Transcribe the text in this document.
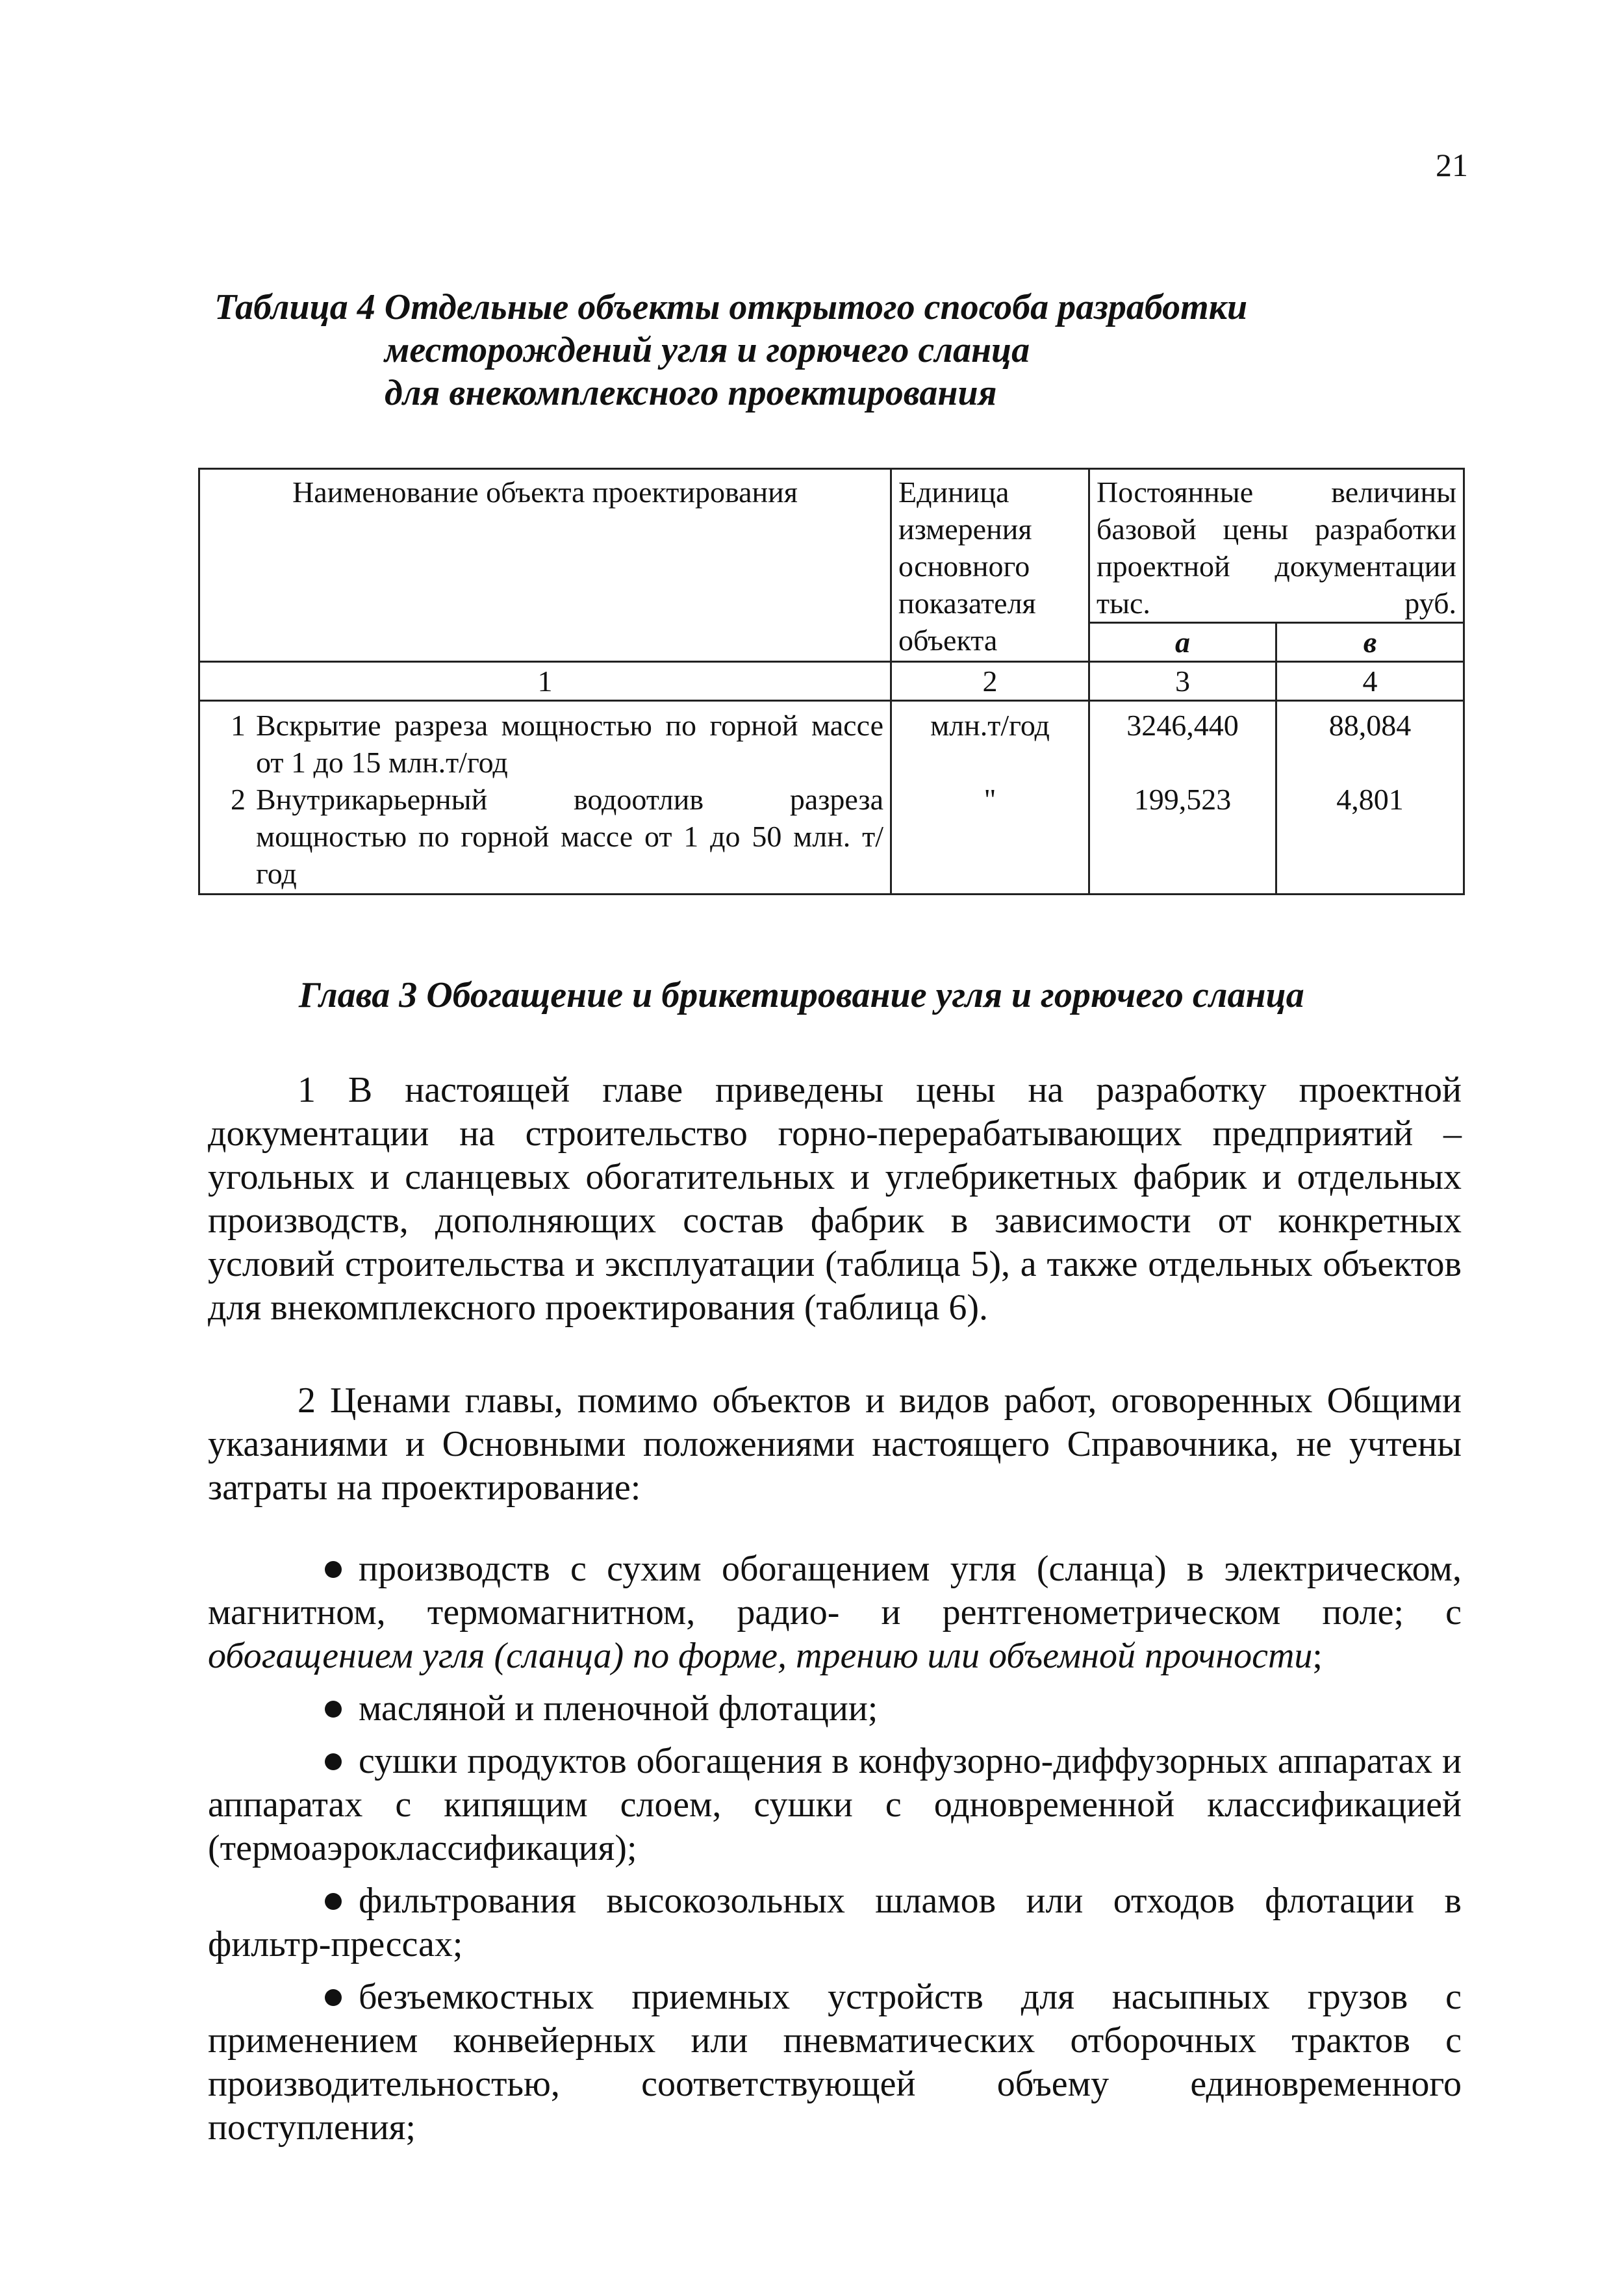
21
Таблица 4 Отдельные объекты открытого способа разработки
месторождений угля и горючего сланца
для внекомплексного проектирования
Наименование объекта проектирования	Единица измерения основного показателя объекта	Постоянные величины базовой цены разработки проектной документации тыс. руб.	
		а	в
1	2	3	4

1 Вскрытие разреза мощностью по горной массе от 1 до 15 млн.т/год	млн.т/год	3246,440	88,084

2 Внутрикарьерный водоотлив разреза мощностью по горной массе от 1 до 50 млн. т/год	"	199,523	4,801
Глава 3 Обогащение и брикетирование угля и горючего сланца
1 В настоящей главе приведены цены на разработку проектной документации на строительство горно-перерабатывающих предприятий – угольных и сланцевых обогатительных и углебрикетных фабрик и отдельных производств, дополняющих состав фабрик в зависимости от конкретных условий строительства и эксплуатации (таблица 5), а также отдельных объектов для внекомплексного проектирования (таблица 6).
2 Ценами главы, помимо объектов и видов работ, оговоренных Общими указаниями и Основными положениями настоящего Справочника, не учтены затраты на проектирование:
производств с сухим обогащением угля (сланца) в электрическом, магнитном, термомагнитном, радио- и рентгенометрическом поле; с обогащением угля (сланца) по форме, трению или объемной прочности;
масляной и пленочной флотации;
сушки продуктов обогащения в конфузорно-диффузорных аппаратах и аппаратах с кипящим слоем, сушки с одновременной классификацией (термоаэроклассификация);
фильтрования высокозольных шламов или отходов флотации в фильтр-прессах;
безъемкостных приемных устройств для насыпных грузов с применением конвейерных или пневматических отборочных трактов с производительностью, соответствующей объему единовременного поступления;
